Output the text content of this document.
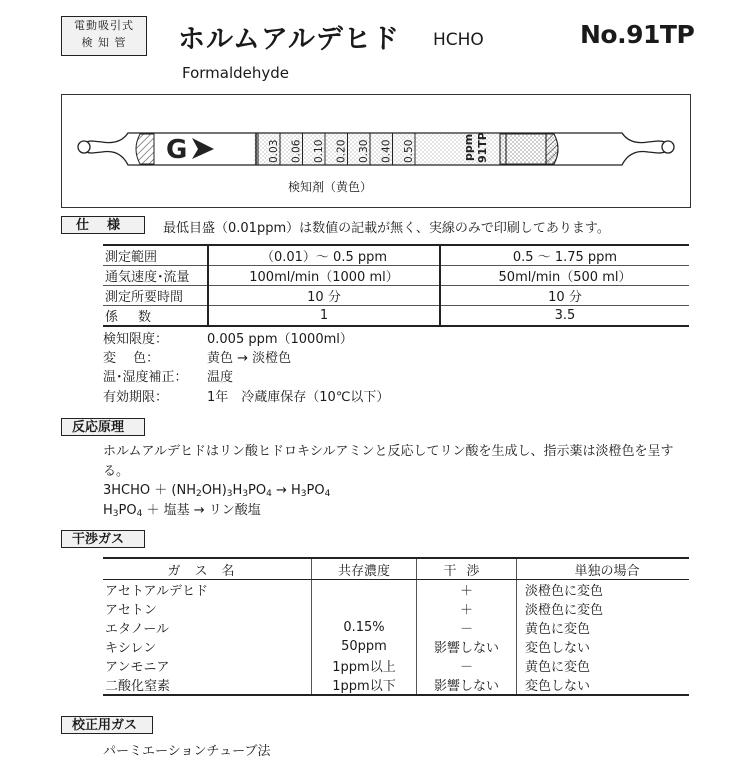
電動吸引式
検 知 管	ホルムアルデヒド HCHO	No.91TP
Formaldehyde
G	0.03 0.06 0.10 0.20 0.30 0.40 0.50	ppm 91TP
検知剤（黄色）
仕様	最低目盛（0.01ppm）は数値の記載が無く、実線のみで印刷してあります。
測定範囲	（0.01）～ 0.5 ppm	0.5 ～ 1.75 ppm
通気速度･流量	100ml/min（1000 ml）	50ml/min（500 ml）
測定所要時間	10 分	10 分
係数	1	3.5
検知限度：	0.005 ppm（1000ml）
変　 色：	黄色 → 淡橙色
温･湿度補正：	温度
有効期限：	1年　冷蔵庫保存（10℃以下）
反応原理
ホルムアルデヒドはリン酸ヒドロキシルアミンと反応してリン酸を生成し、指示薬は淡橙色を呈する。
3HCHO ＋ $(NH_2OH)_3H_3PO_4 \to H_3PO_4$
$H_3PO_4$ ＋ 塩基 → リン酸塩
干渉ガス
ガス名	共存濃度	干渉	単独の場合
アセトアルデヒド		＋	淡橙色に変色
アセトン		＋	淡橙色に変色
エタノール	0.15%	－	黄色に変色
キシレン	50ppm	影響しない	変色しない
アンモニア	1ppm以上	－	黄色に変色
二酸化窒素	1ppm以下	影響しない	変色しない
校正用ガス
パーミエーションチューブ法
